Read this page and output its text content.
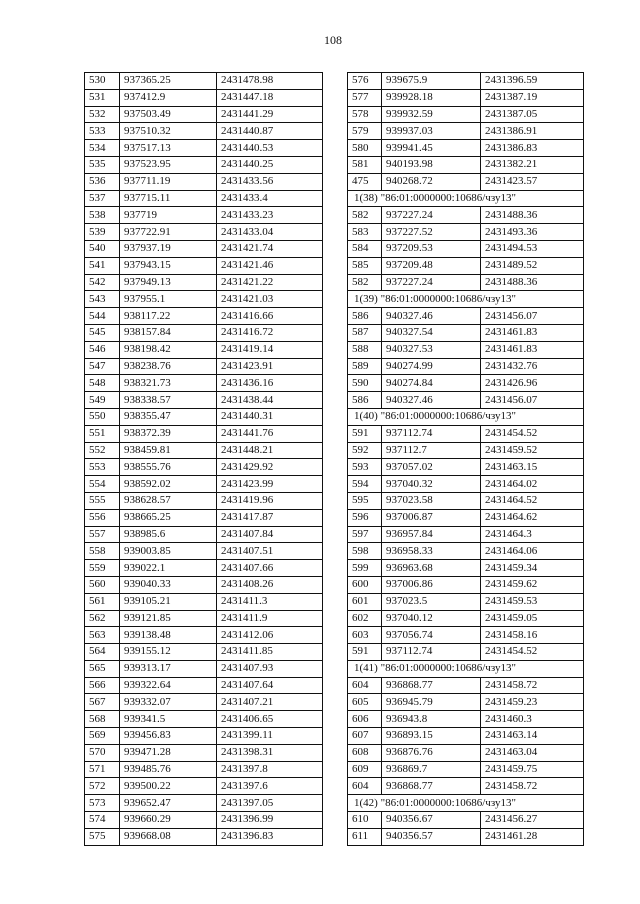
108
530	937365.25	2431478.98
531	937412.9	2431447.18
532	937503.49	2431441.29
533	937510.32	2431440.87
534	937517.13	2431440.53
535	937523.95	2431440.25
536	937711.19	2431433.56
537	937715.11	2431433.4
538	937719	2431433.23
539	937722.91	2431433.04
540	937937.19	2431421.74
541	937943.15	2431421.46
542	937949.13	2431421.22
543	937955.1	2431421.03
544	938117.22	2431416.66
545	938157.84	2431416.72
546	938198.42	2431419.14
547	938238.76	2431423.91
548	938321.73	2431436.16
549	938338.57	2431438.44
550	938355.47	2431440.31
551	938372.39	2431441.76
552	938459.81	2431448.21
553	938555.76	2431429.92
554	938592.02	2431423.99
555	938628.57	2431419.96
556	938665.25	2431417.87
557	938985.6	2431407.84
558	939003.85	2431407.51
559	939022.1	2431407.66
560	939040.33	2431408.26
561	939105.21	2431411.3
562	939121.85	2431411.9
563	939138.48	2431412.06
564	939155.12	2431411.85
565	939313.17	2431407.93
566	939322.64	2431407.64
567	939332.07	2431407.21
568	939341.5	2431406.65
569	939456.83	2431399.11
570	939471.28	2431398.31
571	939485.76	2431397.8
572	939500.22	2431397.6
573	939652.47	2431397.05
574	939660.29	2431396.99
575	939668.08	2431396.83
576	939675.9	2431396.59
577	939928.18	2431387.19
578	939932.59	2431387.05
579	939937.03	2431386.91
580	939941.45	2431386.83
581	940193.98	2431382.21
475	940268.72	2431423.57
1(38) "86:01:0000000:10686/чзу13"		
582	937227.24	2431488.36
583	937227.52	2431493.36
584	937209.53	2431494.53
585	937209.48	2431489.52
582	937227.24	2431488.36
1(39) "86:01:0000000:10686/чзу13"		
586	940327.46	2431456.07
587	940327.54	2431461.83
588	940327.53	2431461.83
589	940274.99	2431432.76
590	940274.84	2431426.96
586	940327.46	2431456.07
1(40) "86:01:0000000:10686/чзу13"		
591	937112.74	2431454.52
592	937112.7	2431459.52
593	937057.02	2431463.15
594	937040.32	2431464.02
595	937023.58	2431464.52
596	937006.87	2431464.62
597	936957.84	2431464.3
598	936958.33	2431464.06
599	936963.68	2431459.34
600	937006.86	2431459.62
601	937023.5	2431459.53
602	937040.12	2431459.05
603	937056.74	2431458.16
591	937112.74	2431454.52
1(41) "86:01:0000000:10686/чзу13"		
604	936868.77	2431458.72
605	936945.79	2431459.23
606	936943.8	2431460.3
607	936893.15	2431463.14
608	936876.76	2431463.04
609	936869.7	2431459.75
604	936868.77	2431458.72
1(42) "86:01:0000000:10686/чзу13"		
610	940356.67	2431456.27
611	940356.57	2431461.28
